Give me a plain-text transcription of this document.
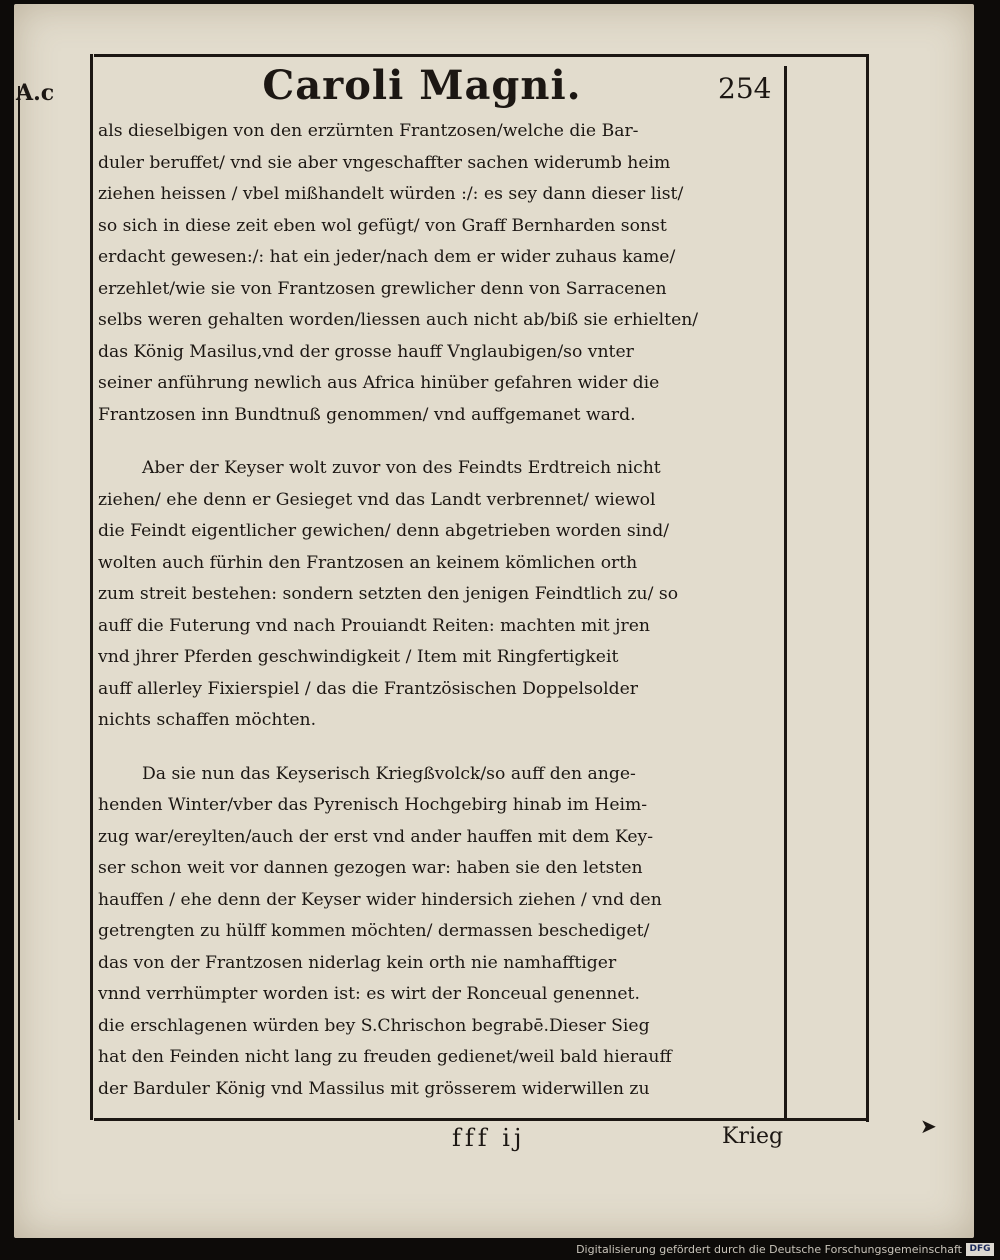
A.c	Caroli Magni.	254
als dieselbigen von den erzürnten Frantzosen/welche die Bar-
duler beruffet/ vnd sie aber vngeschaffter sachen widerumb heim
ziehen heissen / vbel mißhandelt würden :/: es sey dann dieser list/
so sich in diese zeit eben wol gefügt/ von Graff Bernharden sonst
erdacht gewesen:/: hat ein jeder/nach dem er wider zuhaus kame/
erzehlet/wie sie von Frantzosen grewlicher denn von Sarracenen
selbs weren gehalten worden/liessen auch nicht ab/biß sie erhielten/
das König Masilus,vnd der grosse hauff Vnglaubigen/so vnter
seiner anführung newlich aus Africa hinüber gefahren wider die
Frantzosen inn Bundtnuß genommen/ vnd auffgemanet ward.
Aber der Keyser wolt zuvor von des Feindts Erdtreich nicht
ziehen/ ehe denn er Gesieget vnd das Landt verbrennet/ wiewol
die Feindt eigentlicher gewichen/ denn abgetrieben worden sind/
wolten auch fürhin den Frantzosen an keinem kömlichen orth
zum streit bestehen: sondern setzten den jenigen Feindtlich zu/ so
auff die Futerung vnd nach Prouiandt Reiten: machten mit jren
vnd jhrer Pferden geschwindigkeit / Item mit Ringfertigkeit
auff allerley Fixierspiel / das die Frantzösischen Doppelsolder
nichts schaffen möchten.
Da sie nun das Keyserisch Kriegßvolck/so auff den ange-
henden Winter/vber das Pyrenisch Hochgebirg hinab im Heim-
zug war/ereylten/auch der erst vnd ander hauffen mit dem Key-
ser schon weit vor dannen gezogen war: haben sie den letsten
hauffen / ehe denn der Keyser wider hindersich ziehen / vnd den
getrengten zu hülff kommen möchten/ dermassen beschediget/
das von der Frantzosen niderlag kein orth nie namhafftiger
vnnd verrhümpter worden ist: es wirt der Ronceual genennet.
die erschlagenen würden bey S.Chrischon begrabē.Dieser Sieg
hat den Feinden nicht lang zu freuden gedienet/weil bald hierauff
der Barduler König vnd Massilus mit grösserem widerwillen zu
fff ij	Krieg	➤
Digitalisierung gefördert durch die Deutsche Forschungsgemeinschaft DFG
